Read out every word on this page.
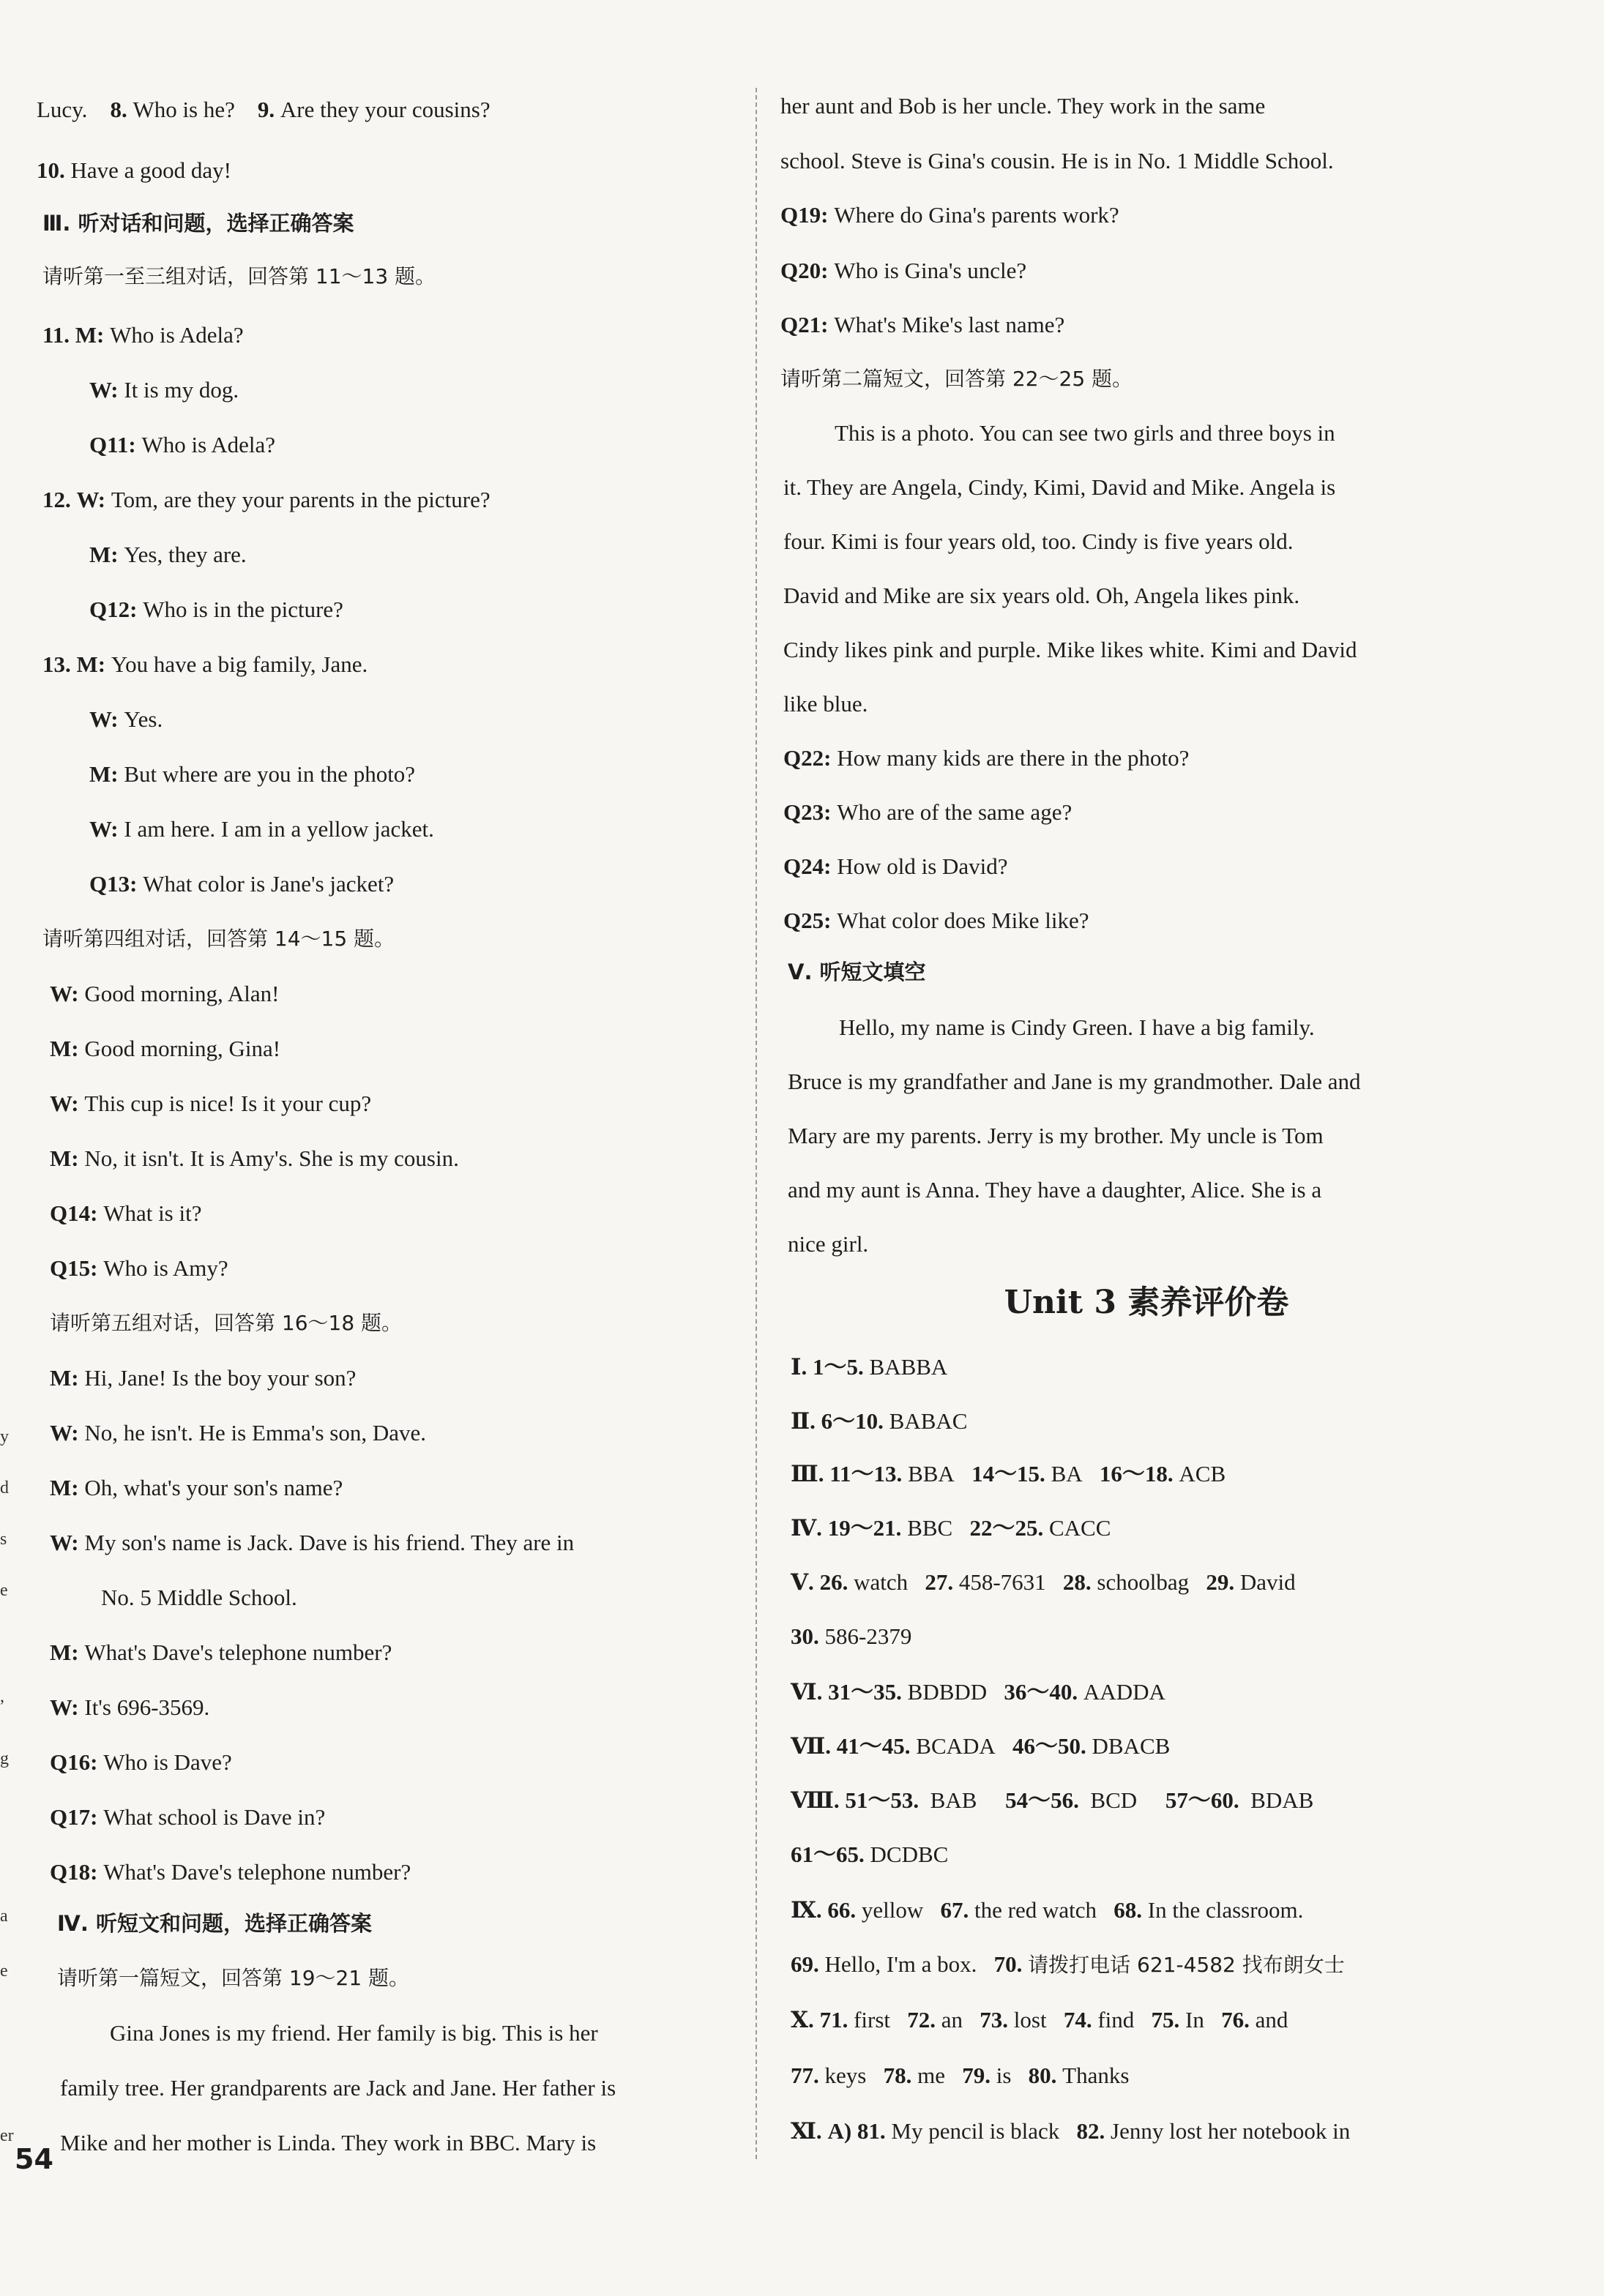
y
d
s
e
,
g
a
e
er
Lucy. 8. Who is he? 9. Are they your cousins?
10. Have a good day!
Ⅲ. 听对话和问题，选择正确答案
请听第一至三组对话，回答第 11～13 题。
11. M: Who is Adela?
W: It is my dog.
Q11: Who is Adela?
12. W: Tom, are they your parents in the picture?
M: Yes, they are.
Q12: Who is in the picture?
13. M: You have a big family, Jane.
W: Yes.
M: But where are you in the photo?
W: I am here. I am in a yellow jacket.
Q13: What color is Jane's jacket?
请听第四组对话，回答第 14～15 题。
W: Good morning, Alan!
M: Good morning, Gina!
W: This cup is nice! Is it your cup?
M: No, it isn't. It is Amy's. She is my cousin.
Q14: What is it?
Q15: Who is Amy?
请听第五组对话，回答第 16～18 题。
M: Hi, Jane! Is the boy your son?
W: No, he isn't. He is Emma's son, Dave.
M: Oh, what's your son's name?
W: My son's name is Jack. Dave is his friend. They are in
No. 5 Middle School.
M: What's Dave's telephone number?
W: It's 696-3569.
Q16: Who is Dave?
Q17: What school is Dave in?
Q18: What's Dave's telephone number?
Ⅳ. 听短文和问题，选择正确答案
请听第一篇短文，回答第 19～21 题。
Gina Jones is my friend. Her family is big. This is her
family tree. Her grandparents are Jack and Jane. Her father is
Mike and her mother is Linda. They work in BBC. Mary is
54
her aunt and Bob is her uncle. They work in the same
school. Steve is Gina's cousin. He is in No. 1 Middle School.
Q19: Where do Gina's parents work?
Q20: Who is Gina's uncle?
Q21: What's Mike's last name?
请听第二篇短文，回答第 22～25 题。
This is a photo. You can see two girls and three boys in
it. They are Angela, Cindy, Kimi, David and Mike. Angela is
four. Kimi is four years old, too. Cindy is five years old.
David and Mike are six years old. Oh, Angela likes pink.
Cindy likes pink and purple. Mike likes white. Kimi and David
like blue.
Q22: How many kids are there in the photo?
Q23: Who are of the same age?
Q24: How old is David?
Q25: What color does Mike like?
Ⅴ. 听短文填空
Hello, my name is Cindy Green. I have a big family.
Bruce is my grandfather and Jane is my grandmother. Dale and
Mary are my parents. Jerry is my brother. My uncle is Tom
and my aunt is Anna. They have a daughter, Alice. She is a
nice girl.
Unit 3 素养评价卷
Ⅰ. 1～5. BABBA
Ⅱ. 6～10. BABAC
Ⅲ. 11～13. BBA 14～15. BA 16～18. ACB
Ⅳ. 19～21. BBC 22～25. CACC
Ⅴ. 26. watch 27. 458-7631 28. schoolbag 29. David
30. 586-2379
Ⅵ. 31～35. BDBDD 36～40. AADDA
Ⅶ. 41～45. BCADA 46～50. DBACB
Ⅷ. 51～53. BAB 54～56. BCD 57～60. BDAB
61～65. DCDBC
Ⅸ. 66. yellow 67. the red watch 68. In the classroom.
69. Hello, I'm a box. 70. 请拨打电话 621-4582 找布朗女士
Ⅹ. 71. first 72. an 73. lost 74. find 75. In 76. and
77. keys 78. me 79. is 80. Thanks
Ⅺ. A) 81. My pencil is black 82. Jenny lost her notebook in
